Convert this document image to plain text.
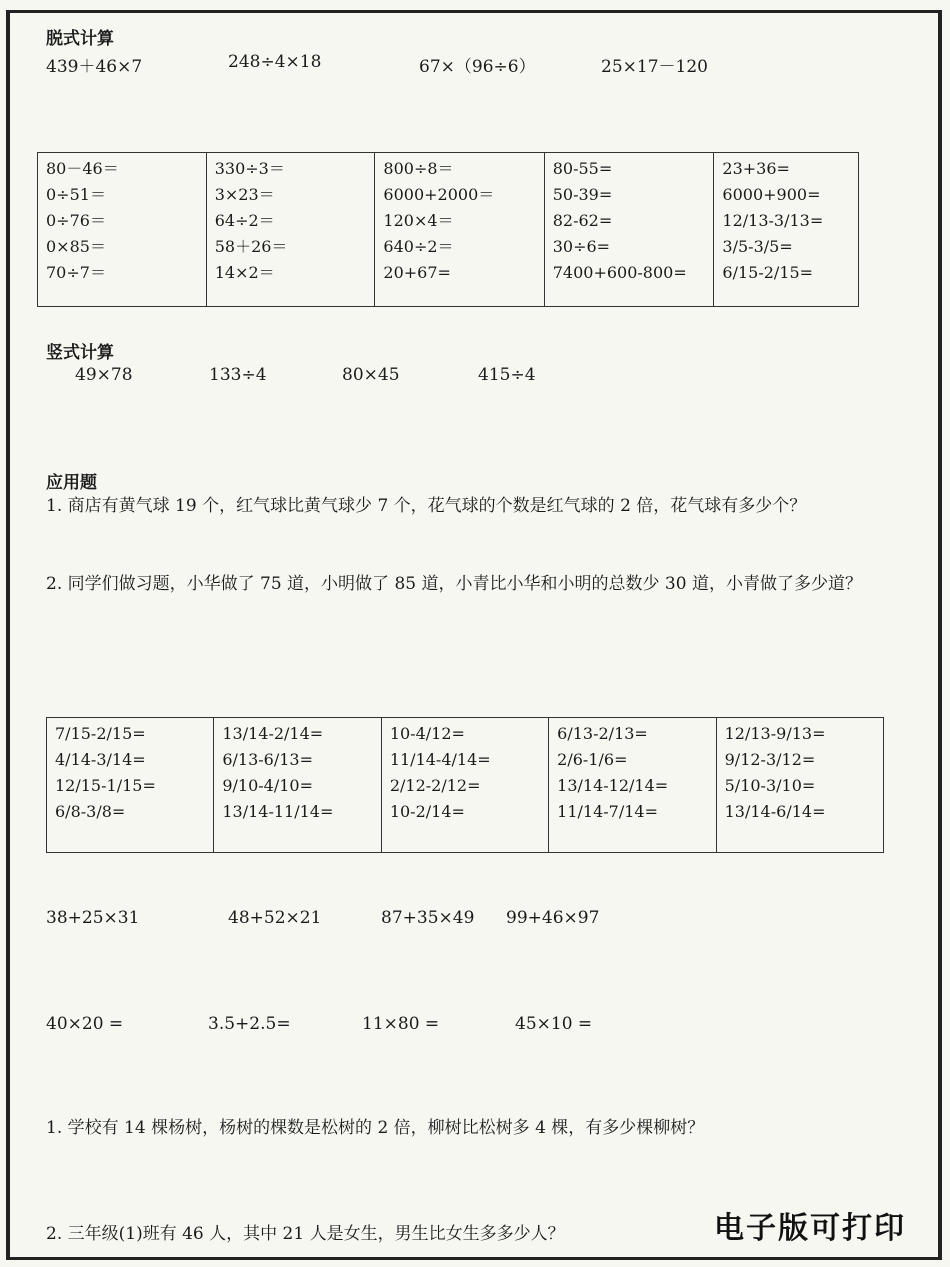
脱式计算
439＋46×7	248÷4×18	67×（96÷6）	25×17－120
80－46＝
0÷51＝
0÷76＝
0×85＝
70÷7＝

330÷3＝
3×23＝
64÷2＝
58＋26＝
14×2＝

800÷8＝
6000+2000＝
120×4＝
640÷2＝
20+67=

80-55=
50-39=
82-62=
30÷6=
7400+600-800=

23+36=
6000+900=
12/13-3/13=
3/5-3/5=
6/15-2/15=
竖式计算
49×78	133÷4	80×45	415÷4
应用题
1. 商店有黄气球 19 个，红气球比黄气球少 7 个，花气球的个数是红气球的 2 倍，花气球有多少个？
2. 同学们做习题，小华做了 75 道，小明做了 85 道，小青比小华和小明的总数少 30 道，小青做了多少道？
7/15-2/15=
4/14-3/14=
12/15-1/15=
6/8-3/8=

13/14-2/14=
6/13-6/13=
9/10-4/10=
13/14-11/14=

10-4/12=
11/14-4/14=
2/12-2/12=
10-2/14=

6/13-2/13=
2/6-1/6=
13/14-12/14=
11/14-7/14=

12/13-9/13=
9/12-3/12=
5/10-3/10=
13/14-6/14=
38+25×31	48+52×21	87+35×49 99+46×97
40×20 =	3.5+2.5=	11×80 =	45×10 =
1. 学校有 14 棵杨树，杨树的棵数是松树的 2 倍，柳树比松树多 4 棵，有多少棵柳树？
2. 三年级(1)班有 46 人，其中 21 人是女生，男生比女生多多少人？	电子版可打印
